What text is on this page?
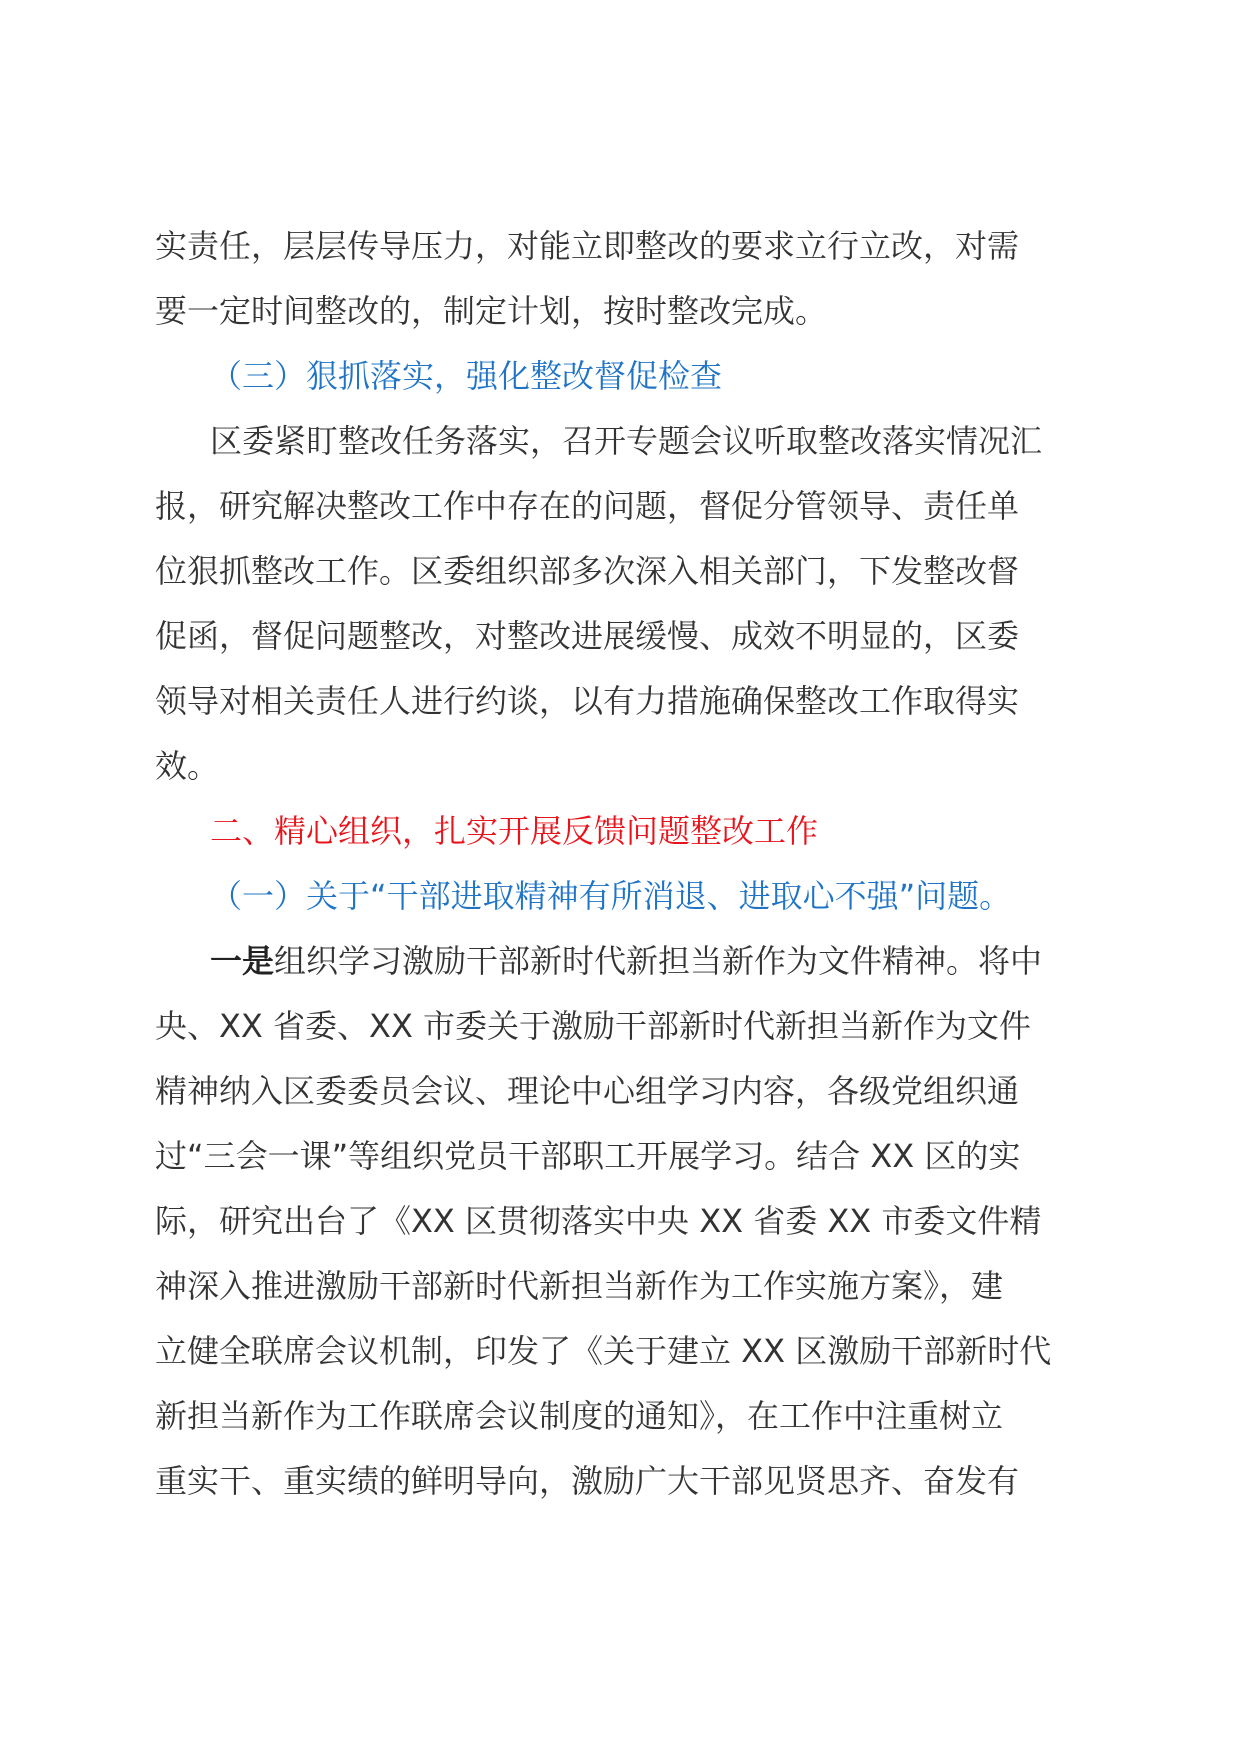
实责任，层层传导压力，对能立即整改的要求立行立改，对需
要一定时间整改的，制定计划，按时整改完成。
（三）狠抓落实，强化整改督促检查
区委紧盯整改任务落实，召开专题会议听取整改落实情况汇
报，研究解决整改工作中存在的问题，督促分管领导、责任单
位狠抓整改工作。区委组织部多次深入相关部门，下发整改督
促函，督促问题整改，对整改进展缓慢、成效不明显的，区委
领导对相关责任人进行约谈，以有力措施确保整改工作取得实
效。
二、精心组织，扎实开展反馈问题整改工作
（一）关于“干部进取精神有所消退、进取心不强”问题。
一是组织学习激励干部新时代新担当新作为文件精神。将中
央、XX 省委、XX 市委关于激励干部新时代新担当新作为文件
精神纳入区委委员会议、理论中心组学习内容，各级党组织通
过“三会一课”等组织党员干部职工开展学习。结合 XX 区的实
际，研究出台了《XX 区贯彻落实中央 XX 省委 XX 市委文件精
神深入推进激励干部新时代新担当新作为工作实施方案》，建
立健全联席会议机制，印发了《关于建立 XX 区激励干部新时代
新担当新作为工作联席会议制度的通知》，在工作中注重树立
重实干、重实绩的鲜明导向，激励广大干部见贤思齐、奋发有
